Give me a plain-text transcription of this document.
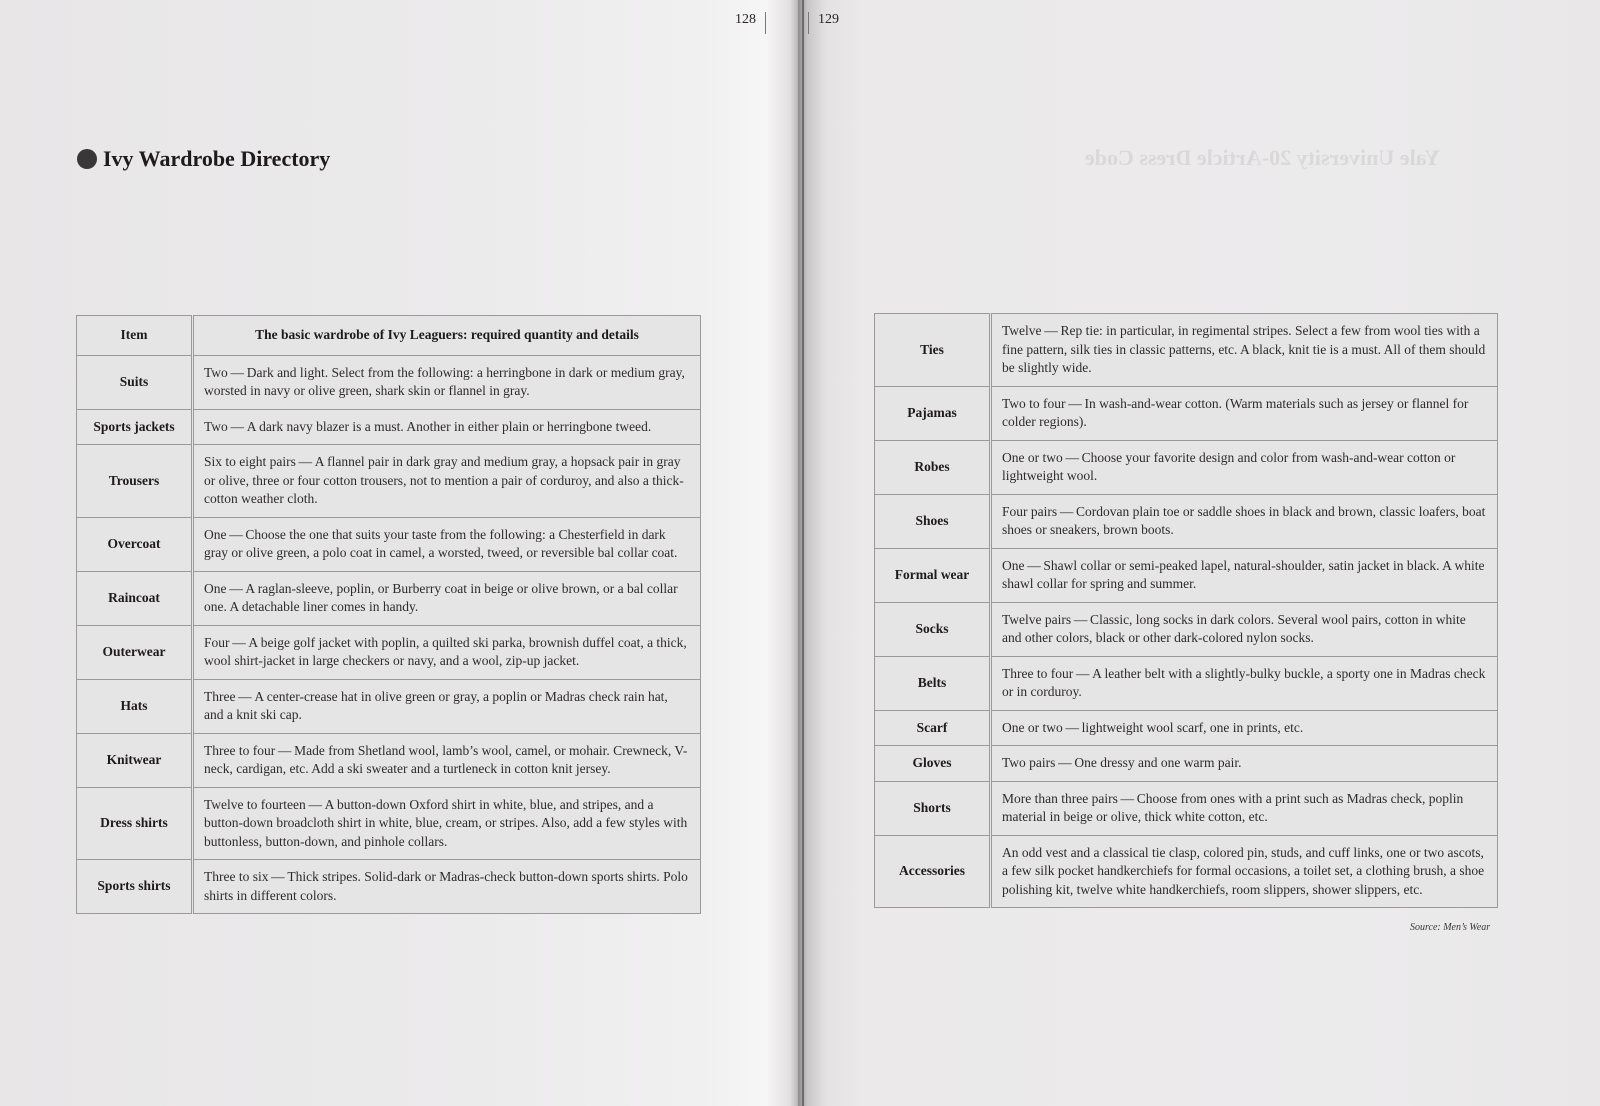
128	129
Ivy Wardrobe Directory	Yale University 20-Article Dress Code
Item	The basic wardrobe of Ivy Leaguers: required quantity and details
Suits	Two — Dark and light. Select from the following: a herringbone in dark or medium gray, worsted in navy or olive green, shark skin or flannel in gray.
Sports jackets	Two — A dark navy blazer is a must. Another in either plain or herringbone tweed.
Trousers	Six to eight pairs — A flannel pair in dark gray and medium gray, a hopsack pair in gray or olive, three or four cotton trousers, not to mention a pair of corduroy, and also a thick-cotton weather cloth.
Overcoat	One — Choose the one that suits your taste from the following: a Chesterfield in dark gray or olive green, a polo coat in camel, a worsted, tweed, or reversible bal collar coat.
Raincoat	One — A raglan-sleeve, poplin, or Burberry coat in beige or olive brown, or a bal collar one. A detachable liner comes in handy.
Outerwear	Four — A beige golf jacket with poplin, a quilted ski parka, brownish duffel coat, a thick, wool shirt-jacket in large checkers or navy, and a wool, zip-up jacket.
Hats	Three — A center-crease hat in olive green or gray, a poplin or Madras check rain hat, and a knit ski cap.
Knitwear	Three to four — Made from Shetland wool, lamb’s wool, camel, or mohair. Crewneck, V-neck, cardigan, etc. Add a ski sweater and a turtleneck in cotton knit jersey.
Dress shirts	Twelve to fourteen — A button-down Oxford shirt in white, blue, and stripes, and a button-down broadcloth shirt in white, blue, cream, or stripes. Also, add a few styles with buttonless, button-down, and pinhole collars.
Sports shirts	Three to six — Thick stripes. Solid-dark or Madras-check button-down sports shirts. Polo shirts in different colors.
Ties	Twelve — Rep tie: in particular, in regimental stripes. Select a few from wool ties with a fine pattern, silk ties in classic patterns, etc. A black, knit tie is a must. All of them should be slightly wide.
Pajamas	Two to four — In wash-and-wear cotton. (Warm materials such as jersey or flannel for colder regions).
Robes	One or two — Choose your favorite design and color from wash-and-wear cotton or lightweight wool.
Shoes	Four pairs — Cordovan plain toe or saddle shoes in black and brown, classic loafers, boat shoes or sneakers, brown boots.
Formal wear	One — Shawl collar or semi-peaked lapel, natural-shoulder, satin jacket in black. A white shawl collar for spring and summer.
Socks	Twelve pairs — Classic, long socks in dark colors. Several wool pairs, cotton in white and other colors, black or other dark-colored nylon socks.
Belts	Three to four — A leather belt with a slightly-bulky buckle, a sporty one in Madras check or in corduroy.
Scarf	One or two — lightweight wool scarf, one in prints, etc.
Gloves	Two pairs — One dressy and one warm pair.
Shorts	More than three pairs — Choose from ones with a print such as Madras check, poplin material in beige or olive, thick white cotton, etc.
Accessories	An odd vest and a classical tie clasp, colored pin, studs, and cuff links, one or two ascots, a few silk pocket handkerchiefs for formal occasions, a toilet set, a clothing brush, a shoe polishing kit, twelve white handkerchiefs, room slippers, shower slippers, etc.
Source: Men’s Wear
